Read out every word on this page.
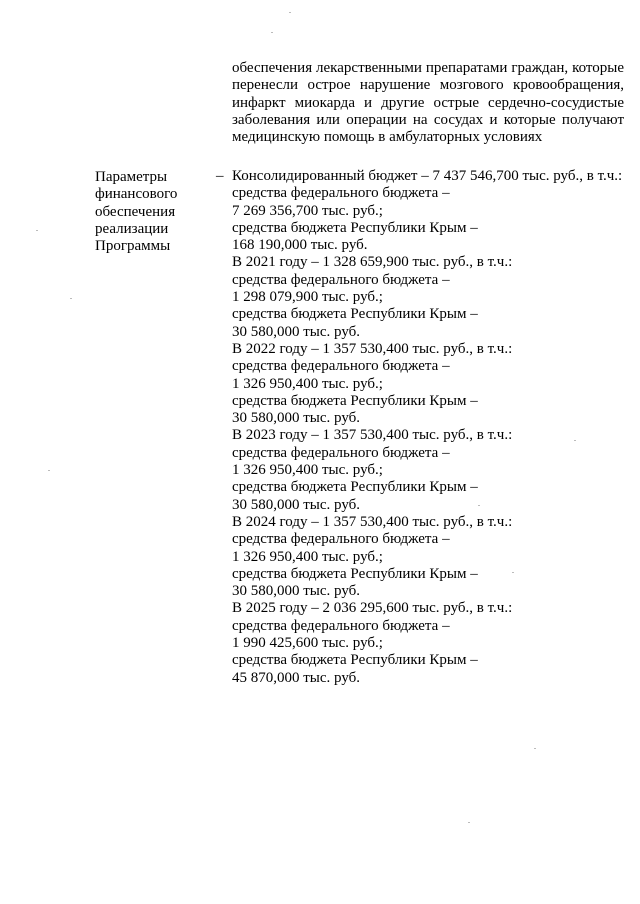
обеспечения лекарственными препаратами граждан, которые перенесли острое нарушение мозгового кровообращения, инфаркт миокарда и другие острые сердечно-сосудистые заболевания или операции на сосудах и которые получают медицинскую помощь в амбулаторных условиях
Параметры
финансового
обеспечения
реализации
Программы
– Консолидированный бюджет – 7 437 546,700 тыс. руб., в т.ч.:
средства федерального бюджета –
7 269 356,700 тыс. руб.;
средства бюджета Республики Крым –
168 190,000 тыс. руб.
В 2021 году – 1 328 659,900 тыс. руб., в т.ч.:
средства федерального бюджета –
1 298 079,900 тыс. руб.;
средства бюджета Республики Крым –
30 580,000 тыс. руб.
В 2022 году – 1 357 530,400 тыс. руб., в т.ч.:
средства федерального бюджета –
1 326 950,400 тыс. руб.;
средства бюджета Республики Крым –
30 580,000 тыс. руб.
В 2023 году – 1 357 530,400 тыс. руб., в т.ч.:
средства федерального бюджета –
1 326 950,400 тыс. руб.;
средства бюджета Республики Крым –
30 580,000 тыс. руб.
В 2024 году – 1 357 530,400 тыс. руб., в т.ч.:
средства федерального бюджета –
1 326 950,400 тыс. руб.;
средства бюджета Республики Крым –
30 580,000 тыс. руб.
В 2025 году – 2 036 295,600 тыс. руб., в т.ч.:
средства федерального бюджета –
1 990 425,600 тыс. руб.;
средства бюджета Республики Крым –
45 870,000 тыс. руб.
